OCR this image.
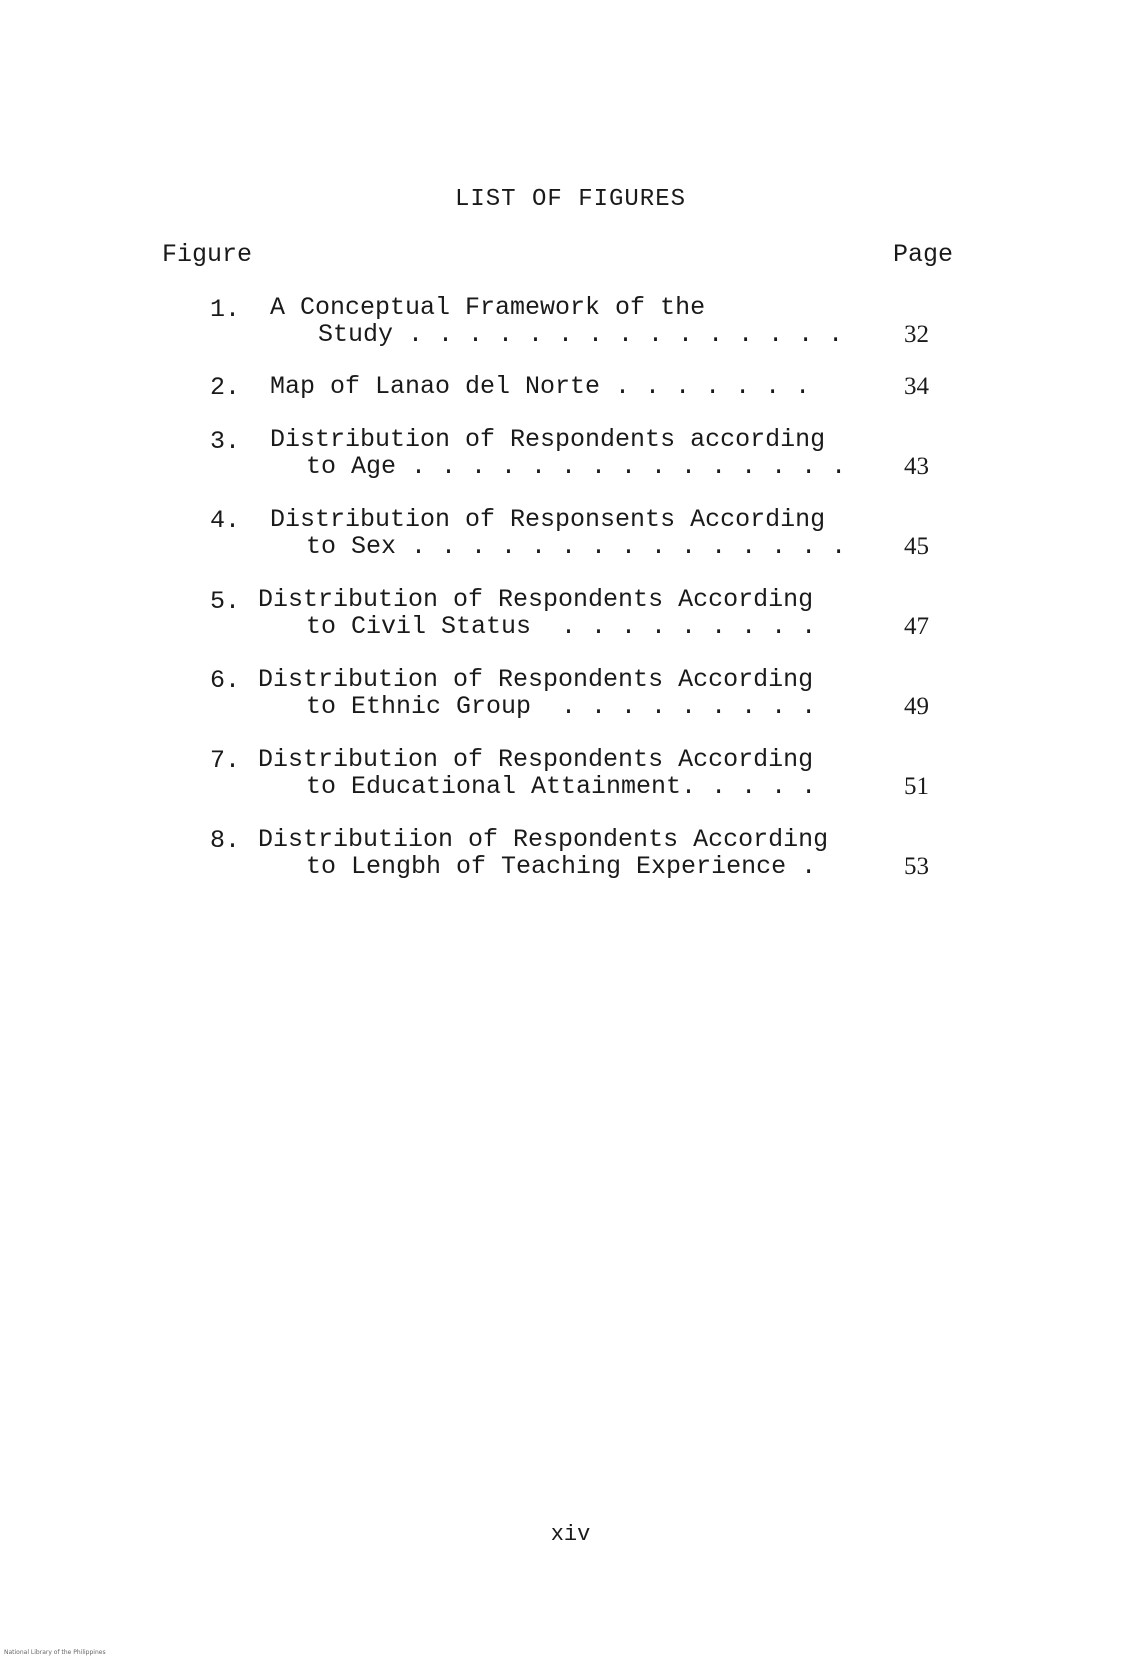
LIST OF FIGURES
Figure	Page
1. A Conceptual Framework of the
Study . . . . . . . . . . . . . . . 32
2. Map of Lanao del Norte . . . . . . .	34
3. Distribution of Respondents according
to Age . . . . . . . . . . . . . . . 43
4. Distribution of Responsents According
to Sex . . . . . . . . . . . . . . . 45
5. Distribution of Respondents According
to Civil Status  . . . . . . . . .	47
6. Distribution of Respondents According
to Ethnic Group  . . . . . . . . .	49
7. Distribution of Respondents According
to Educational Attainment. . . . .	51
8. Distributiion of Respondents According
to Lengbh of Teaching Experience .	53
xiv
National Library of the Philippines
